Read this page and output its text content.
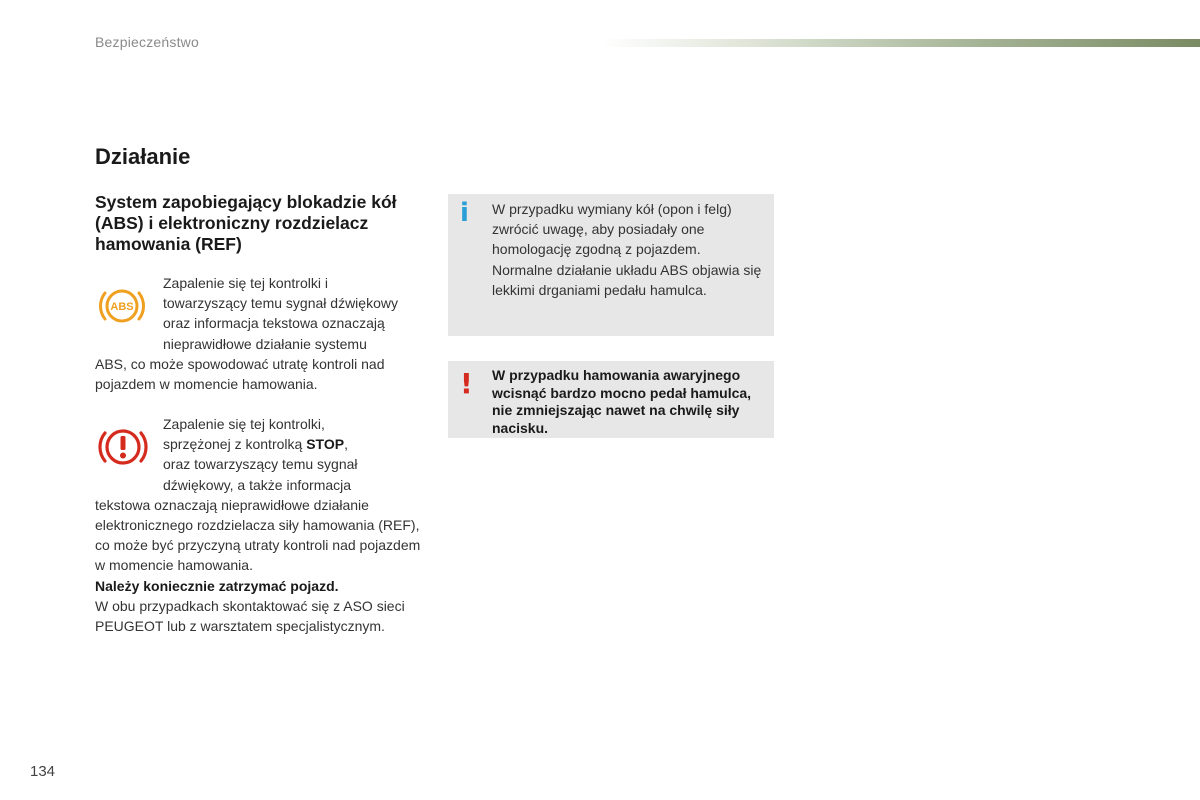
Bezpieczeństwo
Działanie
System zapobiegający blokadzie kół (ABS) i elektroniczny rozdzielacz hamowania (REF)
ABS
Zapalenie się tej kontrolki i
towarzyszący temu sygnał dźwiękowy
oraz informacja tekstowa oznaczają
nieprawidłowe działanie systemu

ABS, co może spowodować utratę kontroli nad pojazdem w momencie hamowania.

Zapalenie się tej kontrolki,
sprzężonej z kontrolką STOP,
oraz towarzyszący temu sygnał
dźwiękowy, a także informacja

tekstowa oznaczają nieprawidłowe działanie elektronicznego rozdzielacza siły hamowania (REF), co może być przyczyną utraty kontroli nad pojazdem w momencie hamowania.

Należy koniecznie zatrzymać pojazd.

W obu przypadkach skontaktować się z ASO sieci PEUGEOT lub z warsztatem specjalistycznym.

i W przypadku wymiany kół (opon i felg) zwrócić uwagę, aby posiadały one homologację zgodną z pojazdem. Normalne działanie układu ABS objawia się lekkimi drganiami pedału hamulca.
! W przypadku hamowania awaryjnego wcisnąć bardzo mocno pedał hamulca, nie zmniejszając nawet na chwilę siły nacisku.
134
